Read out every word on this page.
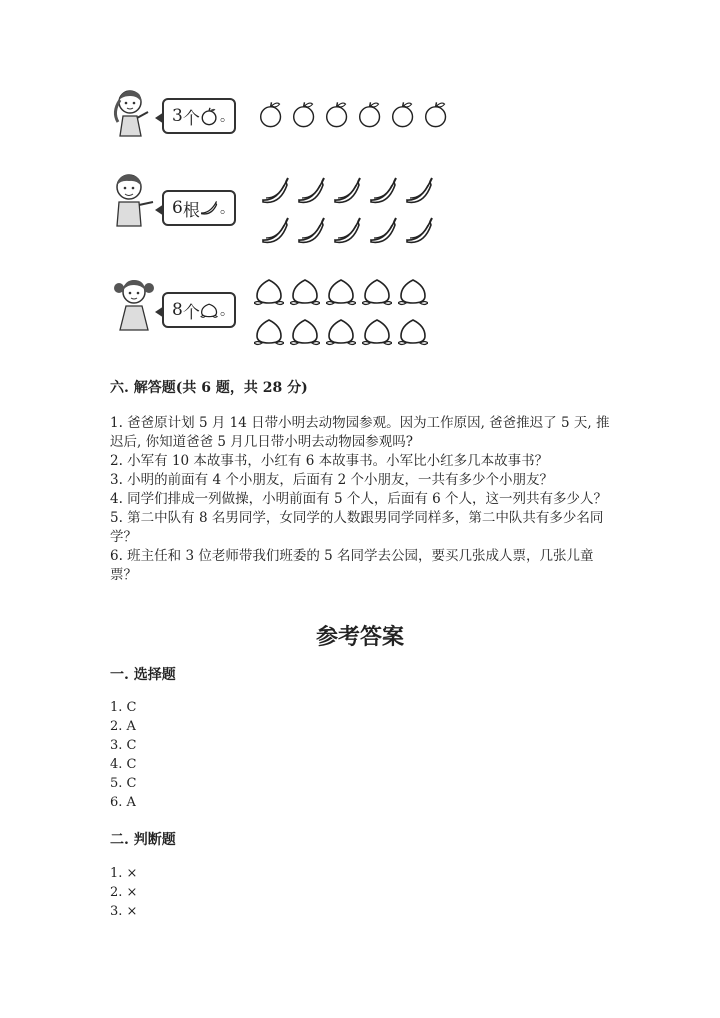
3 个 。
6 根 。
8 个 。
六. 解答题(共 6 题，共 28 分)

1. 爸爸原计划 5 月 14 日带小明去动物园参观。因为工作原因, 爸爸推迟了 5 天, 推迟后, 你知道爸爸 5 月几日带小明去动物园参观吗?

2. 小军有 10 本故事书，小红有 6 本故事书。小军比小红多几本故事书？

3. 小明的前面有 4 个小朋友，后面有 2 个小朋友，一共有多少个小朋友？

4. 同学们排成一列做操，小明前面有 5 个人，后面有 6 个人，这一列共有多少人？

5. 第二中队有 8 名男同学，女同学的人数跟男同学同样多，第二中队共有多少名同学？

6. 班主任和 3 位老师带我们班委的 5 名同学去公园，要买几张成人票，几张儿童票？

参考答案
一. 选择题

1. C

2. A

3. C

4. C

5. C

6. A

二. 判断题

1. ×

2. ×

3. ×
